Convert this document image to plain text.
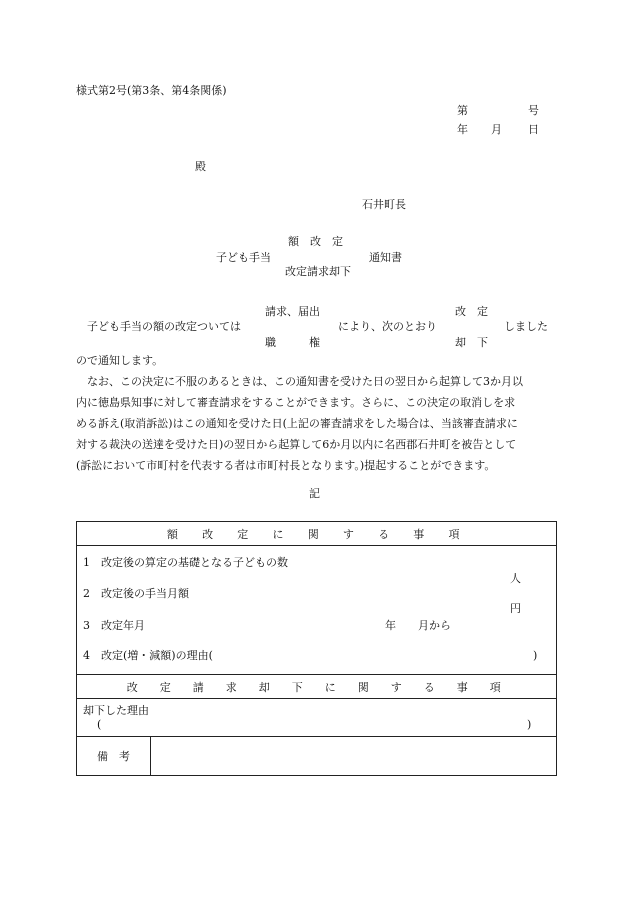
様式第2号(第3条、第4条関係)
第	号
年 月 日
殿
石井町長
額　改　定
子ども手当	通知書
改定請求却下
請求、届出	改　定
子ども手当の額の改定ついては	により、次のとおり	しました
職　　　権	却　下
ので通知します。
なお、この決定に不服のあるときは、この通知書を受けた日の翌日から起算して3か月以
内に徳島県知事に対して審査請求をすることができます。さらに、この決定の取消しを求
める訴え(取消訴訟)はこの通知を受けた日(上記の審査請求をした場合は、当該審査請求に
対する裁決の送達を受けた日)の翌日から起算して6か月以内に名西郡石井町を被告として
(訴訟において市町村を代表する者は市町村長となります。)提起することができます。
記
額　改　定　に　関　す　る　事　項

1　改定後の算定の基礎となる子どもの数
人
2　改定後の手当月額
円
3　改定年月	年　　月から
4　改定(増・減額)の理由(	)

改　定　請　求　却　下　に　関　す　る　事　項

却下した理由
(	)

備　考	
